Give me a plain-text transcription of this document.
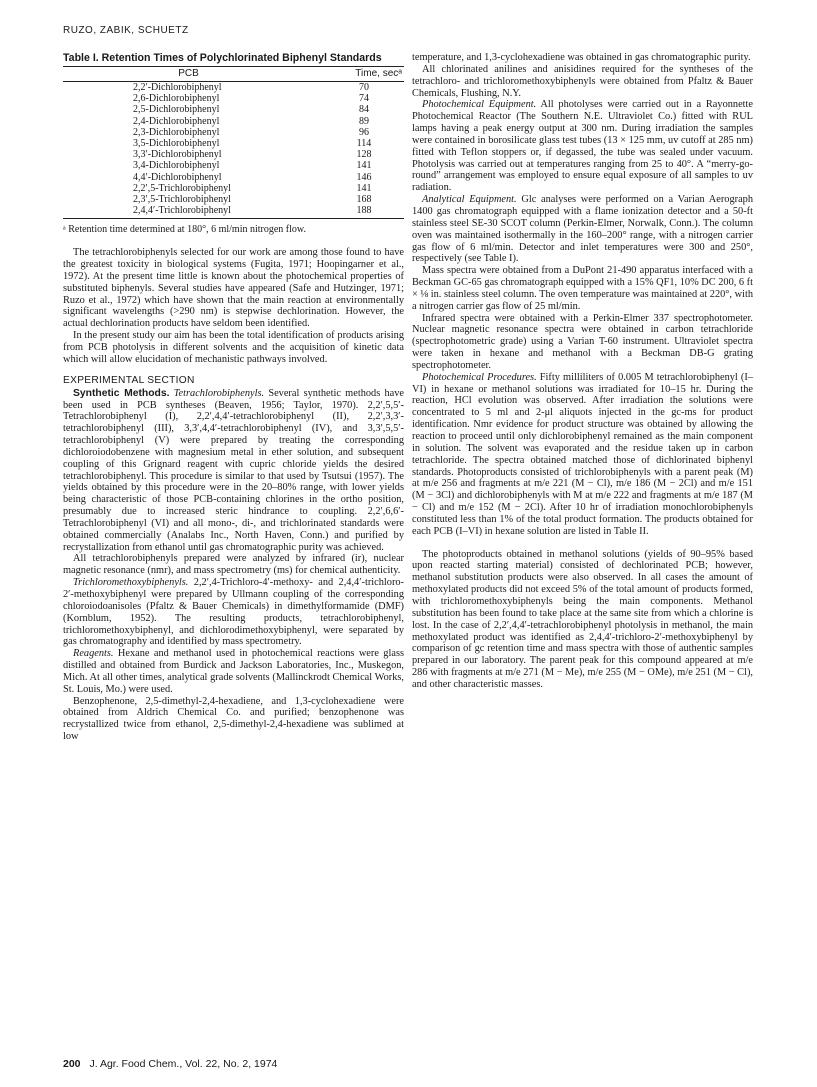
RUZO, ZABIK, SCHUETZ
Table I. Retention Times of Polychlorinated Biphenyl Standards
PCB	Time, secᵃ
2,2′-Dichlorobiphenyl	70
2,6-Dichlorobiphenyl	74
2,5-Dichlorobiphenyl	84
2,4-Dichlorobiphenyl	89
2,3-Dichlorobiphenyl	96
3,5-Dichlorobiphenyl	114
3,3′-Dichlorobiphenyl	128
3,4-Dichlorobiphenyl	141
4,4′-Dichlorobiphenyl	146
2,2′,5-Trichlorobiphenyl	141
2,3′,5-Trichlorobiphenyl	168
2,4,4′-Trichlorobiphenyl	188
ᵃ Retention time determined at 180°, 6 ml/min nitrogen flow.

The tetrachlorobiphenyls selected for our work are among those found to have the greatest toxicity in biological systems (Fugita, 1971; Hoopingarner et al., 1972). At the present time little is known about the photochemical properties of substituted biphenyls. Several studies have appeared (Safe and Hutzinger, 1971; Ruzo et al., 1972) which have shown that the main reaction at environmentally significant wavelengths (>290 nm) is stepwise dechlorination. However, the actual dechlorination products have seldom been identified.

In the present study our aim has been the total identification of products arising from PCB photolysis in different solvents and the acquisition of kinetic data which will allow elucidation of mechanistic pathways involved.

EXPERIMENTAL SECTION

Synthetic Methods. Tetrachlorobiphenyls. Several synthetic methods have been used in PCB syntheses (Beaven, 1956; Taylor, 1970). 2,2′,5,5′-Tetrachlorobiphenyl (I), 2,2′,4,4′-tetrachlorobiphenyl (II), 2,2′,3,3′-tetrachlorobiphenyl (III), 3,3′,4,4′-tetrachlorobiphenyl (IV), and 3,3′,5,5′-tetrachlorobiphenyl (V) were prepared by treating the corresponding dichloroiodobenzene with magnesium metal in ether solution, and subsequent coupling of this Grignard reagent with cupric chloride yields the desired tetrachlorobiphenyl. This procedure is similar to that used by Tsutsui (1957). The yields obtained by this procedure were in the 20–80% range, with lower yields being characteristic of those PCB-containing chlorines in the ortho position, presumably due to increased steric hindrance to coupling. 2,2′,6,6′-Tetrachlorobiphenyl (VI) and all mono-, di-, and trichlorinated standards were obtained commercially (Analabs Inc., North Haven, Conn.) and purified by recrystallization from ethanol until gas chromatographic purity was achieved.

All tetrachlorobiphenyls prepared were analyzed by infrared (ir), nuclear magnetic resonance (nmr), and mass spectrometry (ms) for chemical authenticity.

Trichloromethoxybiphenyls. 2,2′,4-Trichloro-4′-methoxy- and 2,4,4′-trichloro-2′-methoxybiphenyl were prepared by Ullmann coupling of the corresponding chloroiodoanisoles (Pfaltz & Bauer Chemicals) in dimethylformamide (DMF) (Kornblum, 1952). The resulting products, tetrachlorobiphenyl, trichloromethoxybiphenyl, and dichlorodimethoxybiphenyl, were separated by gas chromatography and identified by mass spectrometry.

Reagents. Hexane and methanol used in photochemical reactions were glass distilled and obtained from Burdick and Jackson Laboratories, Inc., Muskegon, Mich. At all other times, analytical grade solvents (Mallinckrodt Chemical Works, St. Louis, Mo.) were used.

Benzophenone, 2,5-dimethyl-2,4-hexadiene, and 1,3-cyclohexadiene were obtained from Aldrich Chemical Co. and purified; benzophenone was recrystallized twice from ethanol, 2,5-dimethyl-2,4-hexadiene was sublimed at low

temperature, and 1,3-cyclohexadiene was obtained in gas chromatographic purity.

All chlorinated anilines and anisidines required for the syntheses of the tetrachloro- and trichloromethoxybiphenyls were obtained from Pfaltz & Bauer Chemicals, Flushing, N.Y.

Photochemical Equipment. All photolyses were carried out in a Rayonnette Photochemical Reactor (The Southern N.E. Ultraviolet Co.) fitted with RUL lamps having a peak energy output at 300 nm. During irradiation the samples were contained in borosilicate glass test tubes (13 × 125 mm, uv cutoff at 285 nm) fitted with Teflon stoppers or, if degassed, the tube was sealed under vacuum. Photolysis was carried out at temperatures ranging from 25 to 40°. A “merry-go-round” arrangement was employed to ensure equal exposure of all samples to uv radiation.

Analytical Equipment. Glc analyses were performed on a Varian Aerograph 1400 gas chromatograph equipped with a flame ionization detector and a 50-ft stainless steel SE-30 SCOT column (Perkin-Elmer, Norwalk, Conn.). The column oven was maintained isothermally in the 160–200° range, with a nitrogen carrier gas flow of 6 ml/min. Detector and inlet temperatures were 300 and 250°, respectively (see Table I).

Mass spectra were obtained from a DuPont 21-490 apparatus interfaced with a Beckman GC-65 gas chromatograph equipped with a 15% QF1, 10% DC 200, 6 ft × ⅛ in. stainless steel column. The oven temperature was maintained at 220°, with a nitrogen carrier gas flow of 25 ml/min.

Infrared spectra were obtained with a Perkin-Elmer 337 spectrophotometer. Nuclear magnetic resonance spectra were obtained in carbon tetrachloride (spectrophotometric grade) using a Varian T-60 instrument. Ultraviolet spectra were taken in hexane and methanol with a Beckman DB-G grating spectrophotometer.

Photochemical Procedures. Fifty milliliters of 0.005 M tetrachlorobiphenyl (I–VI) in hexane or methanol solutions was irradiated for 10–15 hr. During the reaction, HCl evolution was observed. After irradiation the solutions were concentrated to 5 ml and 2-μl aliquots injected in the gc-ms for product identification. Nmr evidence for product structure was obtained by allowing the reaction to proceed until only dichlorobiphenyl remained as the main component in solution. The solvent was evaporated and the residue taken up in carbon tetrachloride. The spectra obtained matched those of dichlorinated biphenyl standards. Photoproducts consisted of trichlorobiphenyls with a parent peak (M) at m/e 256 and fragments at m/e 221 (M − Cl), m/e 186 (M − 2Cl) and m/e 151 (M − 3Cl) and dichlorobiphenyls with M at m/e 222 and fragments at m/e 187 (M − Cl) and m/e 152 (M − 2Cl). After 10 hr of irradiation monochlorobiphenyls constituted less than 1% of the total product formation. The products obtained for each PCB (I–VI) in hexane solution are listed in Table II.

The photoproducts obtained in methanol solutions (yields of 90–95% based upon reacted starting material) consisted of dechlorinated PCB; however, methanol substitution products were also observed. In all cases the amount of methoxylated products did not exceed 5% of the total amount of products formed, with trichloromethoxybiphenyls being the main components. Methanol substitution has been found to take place at the same site from which a chlorine is lost. In the case of 2,2′,4,4′-tetrachlorobiphenyl photolysis in methanol, the main methoxylated product was identified as 2,4,4′-trichloro-2′-methoxybiphenyl by comparison of gc retention time and mass spectra with those of authentic samples prepared in our laboratory. The parent peak for this compound appeared at m/e 286 with fragments at m/e 271 (M − Me), m/e 255 (M − OMe), m/e 251 (M − Cl), and other characteristic masses.

200 J. Agr. Food Chem., Vol. 22, No. 2, 1974
